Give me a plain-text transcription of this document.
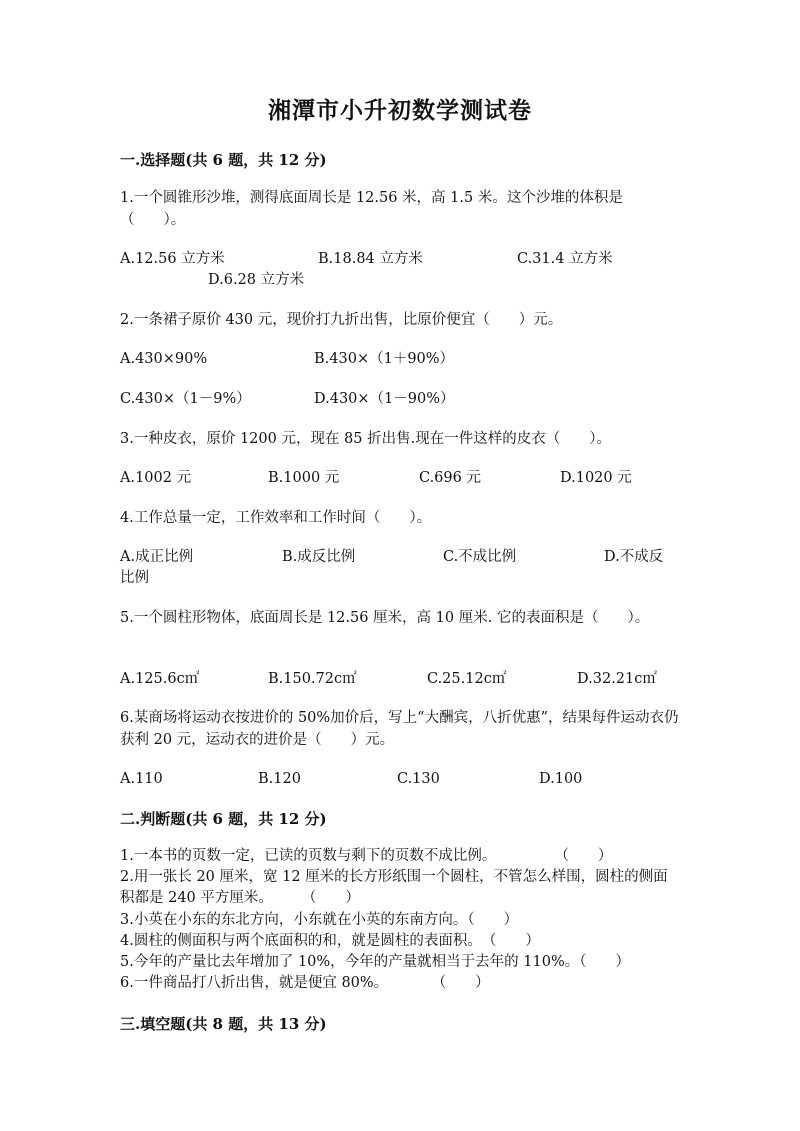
湘潭市小升初数学测试卷
一.选择题(共 6 题，共 12 分)
1.一个圆锥形沙堆，测得底面周长是 12.56 米，高 1.5 米。这个沙堆的体积是（　　）。
A.12.56 立方米	B.18.84 立方米	C.31.4 立方米
D.6.28 立方米
2.一条裙子原价 430 元，现价打九折出售，比原价便宜（　　）元。
A.430×90%	B.430×（1＋90%）
C.430×（1－9%）	D.430×（1－90%）
3.一种皮衣，原价 1200 元，现在 85 折出售.现在一件这样的皮衣（　　）。
A.1002 元	B.1000 元	C.696 元	D.1020 元
4.工作总量一定，工作效率和工作时间（　　）。
A.成正比例	B.成反比例	C.不成比例	D.不成反
比例
5.一个圆柱形物体，底面周长是 12.56 厘米，高 10 厘米. 它的表面积是（　　）。
A.125.6c㎡	B.150.72c㎡	C.25.12c㎡	D.32.21c㎡
6.某商场将运动衣按进价的 50%加价后，写上“大酬宾，八折优惠”，结果每件运动衣仍获利 20 元，运动衣的进价是（　　）元。
A.110	B.120	C.130	D.100
二.判断题(共 6 题，共 12 分)
1.一本书的页数一定，已读的页数与剩下的页数不成比例。　　　　　（　　）
2.用一张长 20 厘米，宽 12 厘米的长方形纸围一个圆柱，不管怎么样围，圆柱的侧面积都是 240 平方厘米。　　　（　　）
3.小英在小东的东北方向，小东就在小英的东南方向。（　　）
4.圆柱的侧面积与两个底面积的和，就是圆柱的表面积。　（　　）
5.今年的产量比去年增加了 10%，今年的产量就相当于去年的 110%。（　　）
6.一件商品打八折出售，就是便宜 80%。　　　　（　　）
三.填空题(共 8 题，共 13 分)
